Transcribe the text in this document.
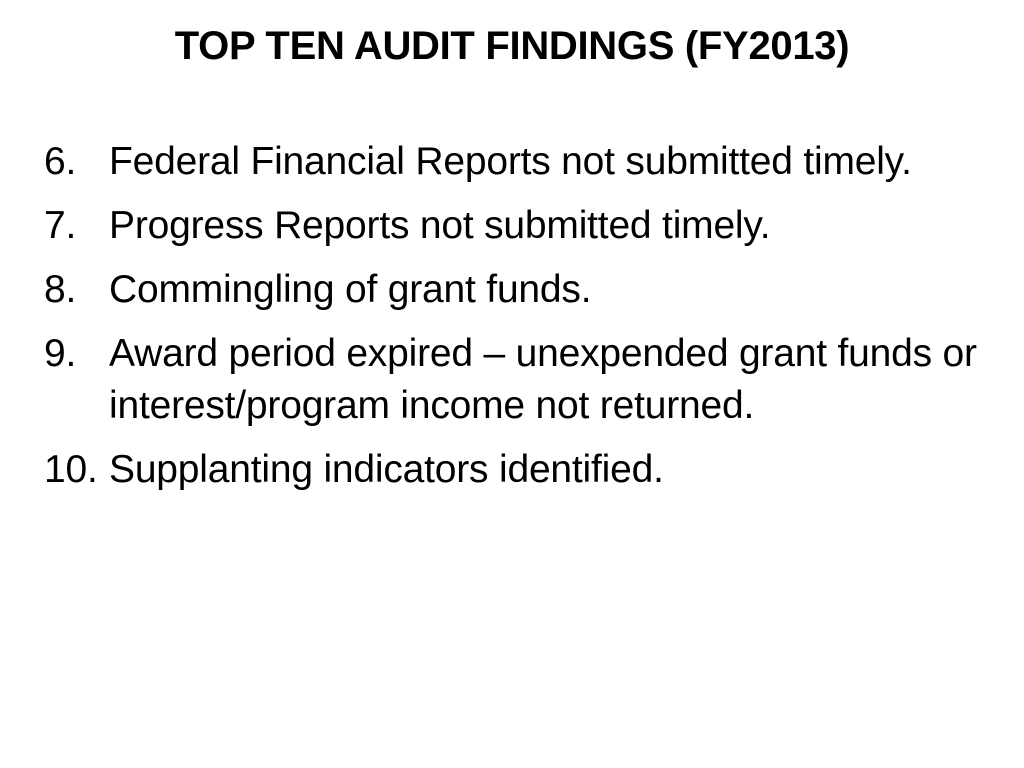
TOP TEN AUDIT FINDINGS (FY2013)
6. Federal Financial Reports not submitted timely.
7. Progress Reports not submitted timely.
8. Commingling of grant funds.
9. Award period expired – unexpended grant funds or interest/program income not returned.
10. Supplanting indicators identified.
